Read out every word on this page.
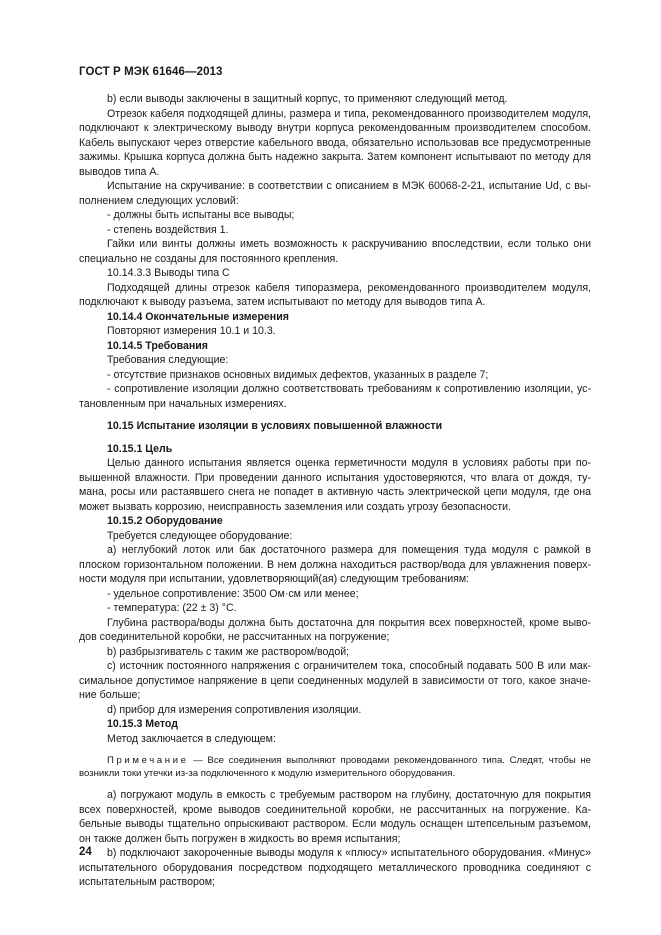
ГОСТ Р МЭК 61646—2013

b) если выводы заключены в защитный корпус, то применяют следующий метод.

Отрезок кабеля подходящей длины, размера и типа, рекомендованного производителем модуля, подключают к электрическому выводу внутри корпуса рекомендованным производителем способом. Кабель выпускают через отверстие кабельного ввода, обязательно использовав все предусмотренные зажимы. Крышка корпуса должна быть надежно закрыта. Затем компонент испытывают по методу для выводов типа А.

Испытание на скручивание: в соответствии с описанием в МЭК 60068-2-21, испытание Ud, с выполнением следующих условий:

- должны быть испытаны все выводы;

- степень воздействия 1.

Гайки или винты должны иметь возможность к раскручиванию впоследствии, если только они специально не созданы для постоянного крепления.

10.14.3.3 Выводы типа С

Подходящей длины отрезок кабеля типоразмера, рекомендованного производителем модуля, подключают к выводу разъема, затем испытывают по методу для выводов типа А.

10.14.4 Окончательные измерения

Повторяют измерения 10.1 и 10.3.

10.14.5 Требования

Требования следующие:

- отсутствие признаков основных видимых дефектов, указанных в разделе 7;

- сопротивление изоляции должно соответствовать требованиям к сопротивлению изоляции, установленным при начальных измерениях.

10.15 Испытание изоляции в условиях повышенной влажности

10.15.1 Цель

Целью данного испытания является оценка герметичности модуля в условиях работы при повышенной влажности. При проведении данного испытания удостоверяются, что влага от дождя, тумана, росы или растаявшего снега не попадет в активную часть электрической цепи модуля, где она может вызвать коррозию, неисправность заземления или создать угрозу безопасности.

10.15.2 Оборудование

Требуется следующее оборудование:

а) неглубокий лоток или бак достаточного размера для помещения туда модуля с рамкой в плоском горизонтальном положении. В нем должна находиться раствор/вода для увлажнения поверхности модуля при испытании, удовлетворяющий(ая) следующим требованиям:

- удельное сопротивление: 3500 Ом·см или менее;

- температура: (22 ± 3) °С.

Глубина раствора/воды должна быть достаточна для покрытия всех поверхностей, кроме выводов соединительной коробки, не рассчитанных на погружение;

b) разбрызгиватель с таким же раствором/водой;

с) источник постоянного напряжения с ограничителем тока, способный подавать 500 В или максимальное допустимое напряжение в цепи соединенных модулей в зависимости от того, какое значение больше;

d) прибор для измерения сопротивления изоляции.

10.15.3 Метод

Метод заключается в следующем:

Примечание — Все соединения выполняют проводами рекомендованного типа. Следят, чтобы не возникли токи утечки из-за подключенного к модулю измерительного оборудования.

а) погружают модуль в емкость с требуемым раствором на глубину, достаточную для покрытия всех поверхностей, кроме выводов соединительной коробки, не рассчитанных на погружение. Кабельные выводы тщательно опрыскивают раствором. Если модуль оснащен штепсельным разъемом, он также должен быть погружен в жидкость во время испытания;

b) подключают закороченные выводы модуля к «плюсу» испытательного оборудования. «Минус» испытательного оборудования посредством подходящего металлического проводника соединяют с испытательным раствором;

24
